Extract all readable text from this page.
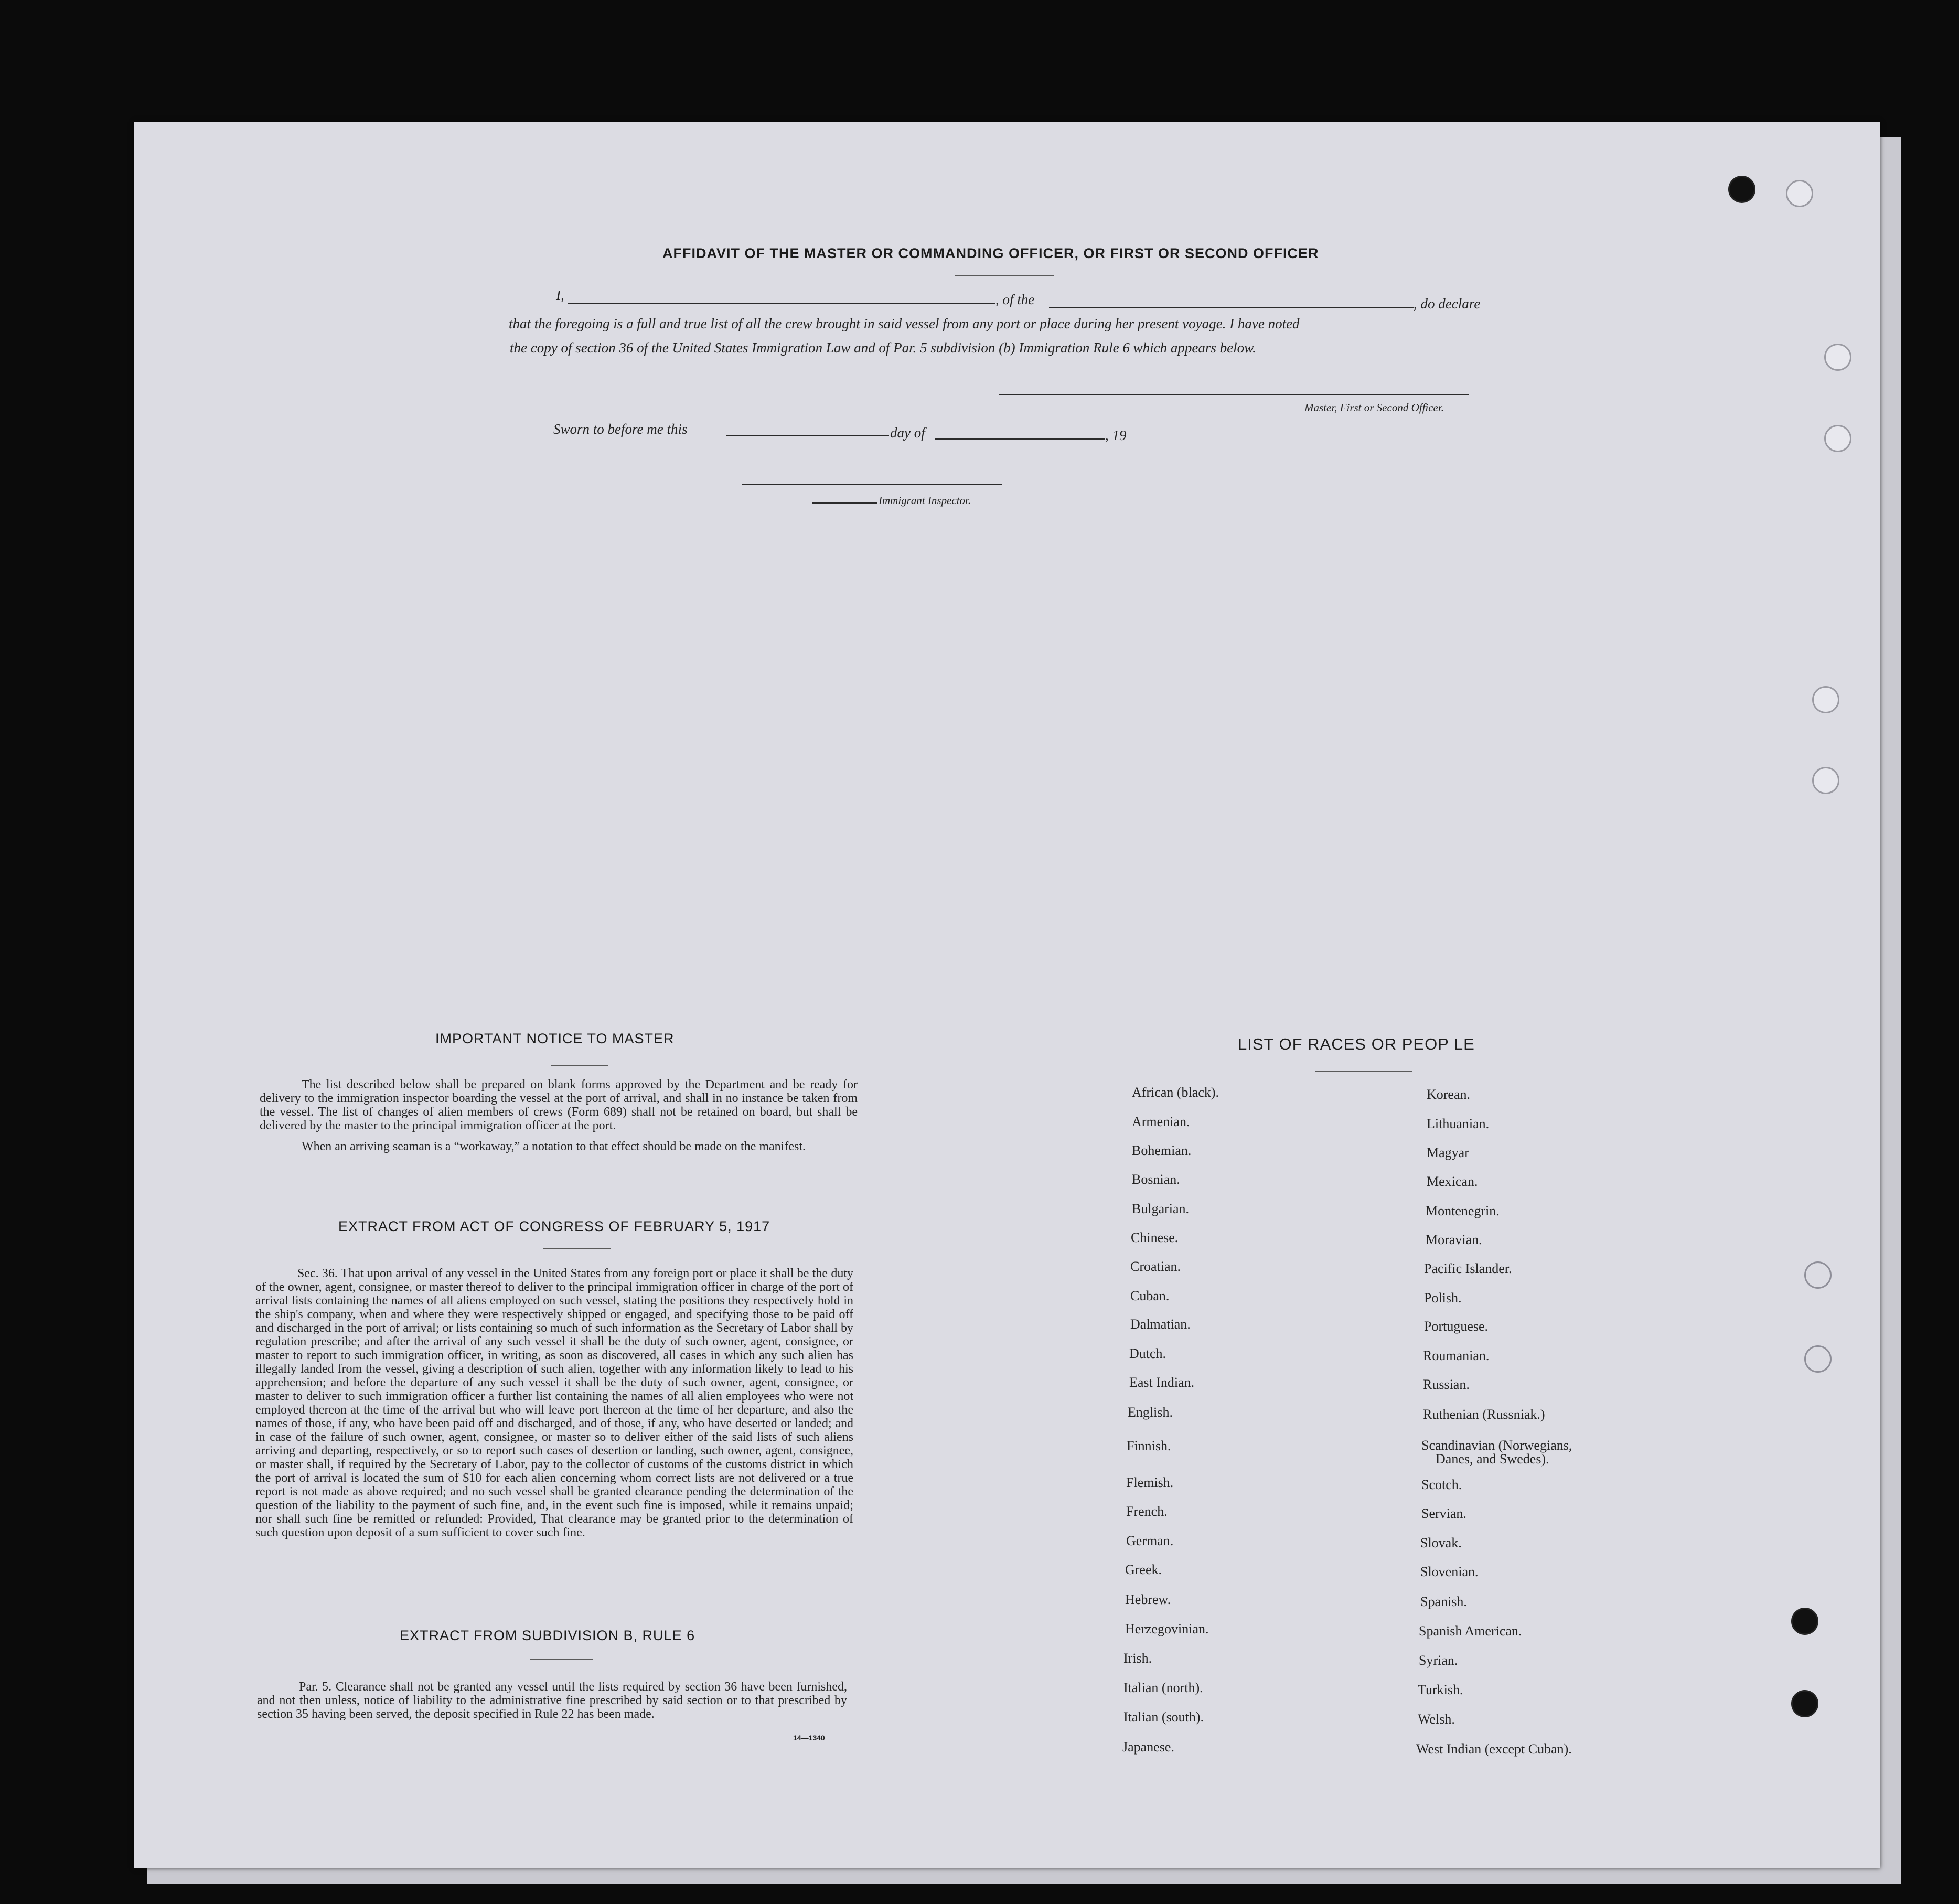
AFFIDAVIT OF THE MASTER OR COMMANDING OFFICER, OR FIRST OR SECOND OFFICER
I,	, of the	, do declare
that the foregoing is a full and true list of all the crew brought in said vessel from any port or place during her present voyage. I have noted
the copy of section 36 of the United States Immigration Law and of Par. 5 subdivision (b) Immigration Rule 6 which appears below.
Master, First or Second Officer.
Sworn to before me this	day of	, 19
Immigrant Inspector.
IMPORTANT NOTICE TO MASTER

The list described below shall be prepared on blank forms approved by the Department and be ready for delivery to the immigration inspector boarding the vessel at the port of arrival, and shall in no instance be taken from the vessel. The list of changes of alien members of crews (Form 689) shall not be retained on board, but shall be delivered by the master to the principal immigration officer at the port.

When an arriving seaman is a “workaway,” a notation to that effect should be made on the manifest.

EXTRACT FROM ACT OF CONGRESS OF FEBRUARY 5, 1917

Sec. 36. That upon arrival of any vessel in the United States from any foreign port or place it shall be the duty of the owner, agent, consignee, or master thereof to deliver to the principal immigration officer in charge of the port of arrival lists containing the names of all aliens employed on such vessel, stating the positions they respectively hold in the ship's company, when and where they were respectively shipped or engaged, and specifying those to be paid off and discharged in the port of arrival; or lists containing so much of such information as the Secretary of Labor shall by regulation prescribe; and after the arrival of any such vessel it shall be the duty of such owner, agent, consignee, or master to report to such immigration officer, in writing, as soon as discovered, all cases in which any such alien has illegally landed from the vessel, giving a description of such alien, together with any information likely to lead to his apprehension; and before the departure of any such vessel it shall be the duty of such owner, agent, consignee, or master to deliver to such immigration officer a further list containing the names of all alien employees who were not employed thereon at the time of the arrival but who will leave port thereon at the time of her departure, and also the names of those, if any, who have been paid off and discharged, and of those, if any, who have deserted or landed; and in case of the failure of such owner, agent, consignee, or master so to deliver either of the said lists of such aliens arriving and departing, respectively, or so to report such cases of desertion or landing, such owner, agent, consignee, or master shall, if required by the Secretary of Labor, pay to the collector of customs of the customs district in which the port of arrival is located the sum of $10 for each alien concerning whom correct lists are not delivered or a true report is not made as above required; and no such vessel shall be granted clearance pending the determination of the question of the liability to the payment of such fine, and, in the event such fine is imposed, while it remains unpaid; nor shall such fine be remitted or refunded: Provided, That clearance may be granted prior to the determination of such question upon deposit of a sum sufficient to cover such fine.

EXTRACT FROM SUBDIVISION B, RULE 6

Par. 5. Clearance shall not be granted any vessel until the lists required by section 36 have been furnished, and not then unless, notice of liability to the administrative fine prescribed by said section or to that prescribed by section 35 having been served, the deposit specified in Rule 22 has been made.

14—1340
LIST OF RACES OR PEOP LE
African (black).
Armenian.
Bohemian.
Bosnian.
Bulgarian.
Chinese.
Croatian.
Cuban.
Dalmatian.
Dutch.
East Indian.
English.
Finnish.
Flemish.
French.
German.
Greek.
Hebrew.
Herzegovinian.
Irish.
Italian (north).
Italian (south).
Japanese.
Korean.
Lithuanian.
Magyar
Mexican.
Montenegrin.
Moravian.
Pacific Islander.
Polish.
Portuguese.
Roumanian.
Russian.
Ruthenian (Russniak.)
Scandinavian (Norwegians,
Danes, and Swedes).
Scotch.
Servian.
Slovak.
Slovenian.
Spanish.
Spanish American.
Syrian.
Turkish.
Welsh.
West Indian (except Cuban).
